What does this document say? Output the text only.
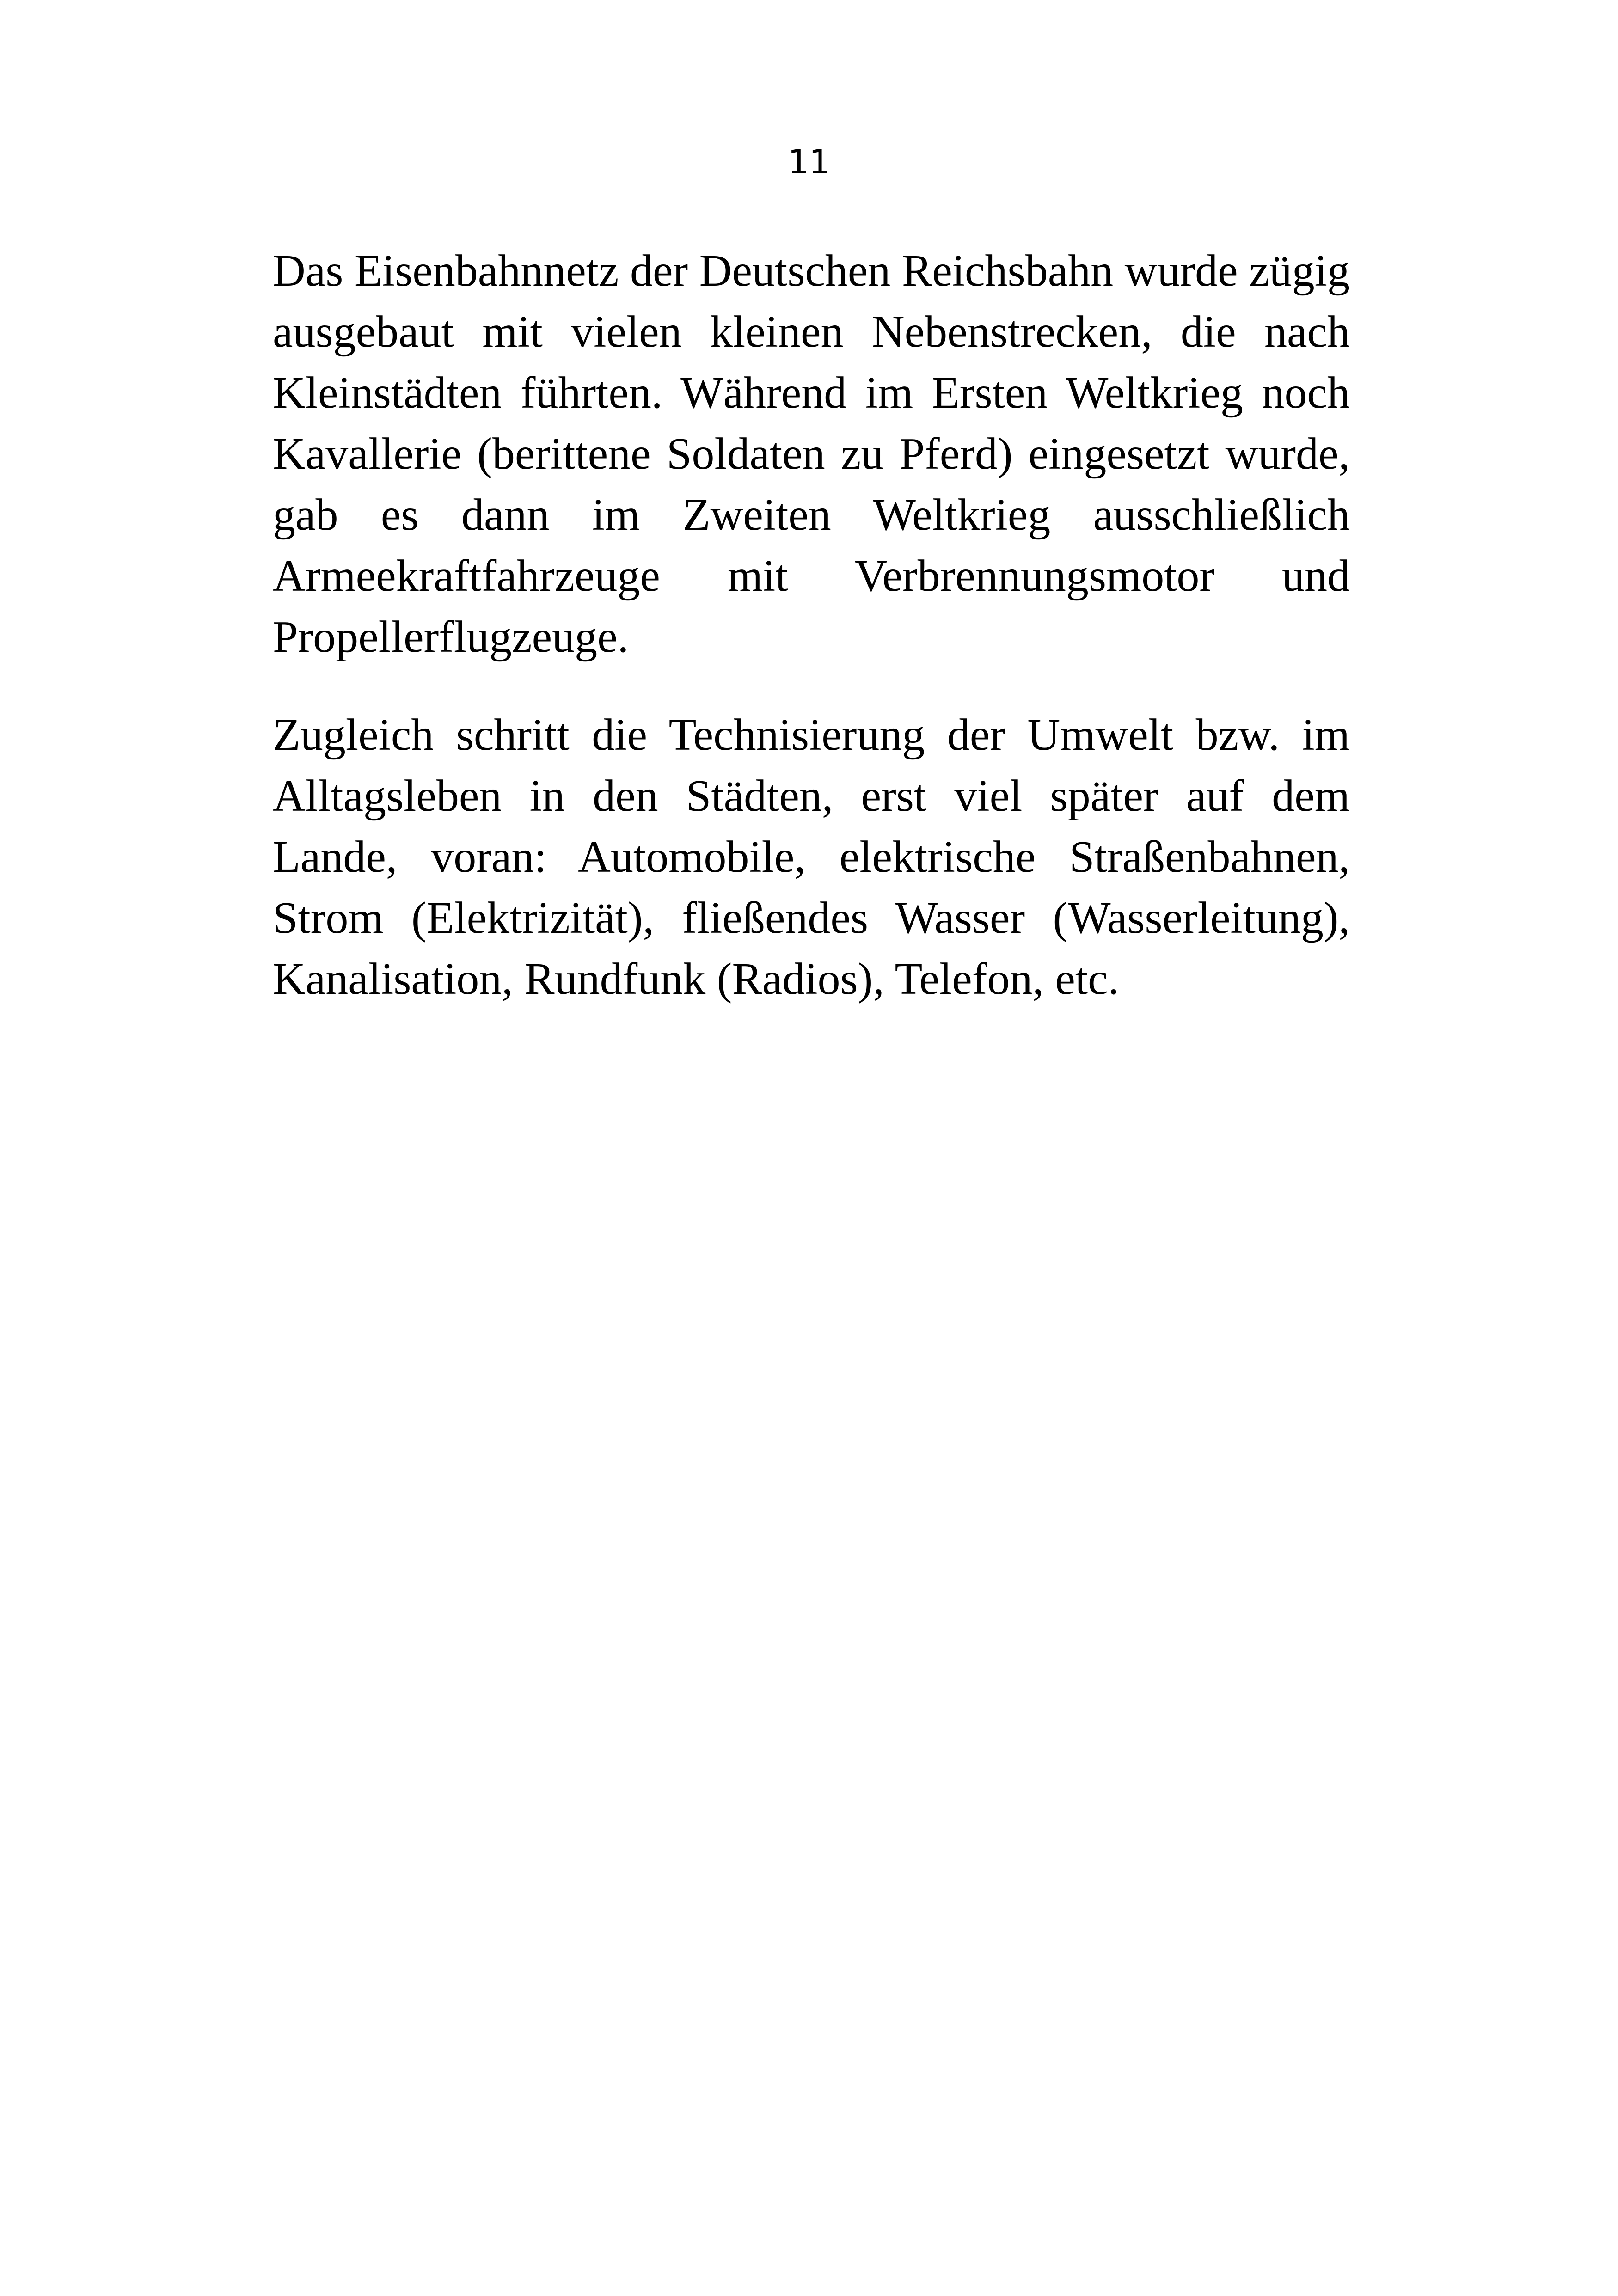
11

Das Eisenbahnnetz der Deutschen Reichsbahn wurde zügig ausgebaut mit vielen kleinen Nebenstrecken, die nach Kleinstädten führten. Während im Ersten Weltkrieg noch Kavallerie (berittene Soldaten zu Pferd) eingesetzt wurde, gab es dann im Zweiten Weltkrieg ausschließlich Armeekraftfahrzeuge mit Verbrennungsmotor und Propellerflugzeuge.

Zugleich schritt die Technisierung der Umwelt bzw. im Alltagsleben in den Städten, erst viel später auf dem Lande, voran: Automobile, elektrische Straßenbahnen, Strom (Elektrizität), fließendes Wasser (Wasserleitung), Kanalisation, Rundfunk (Radios), Telefon, etc.
